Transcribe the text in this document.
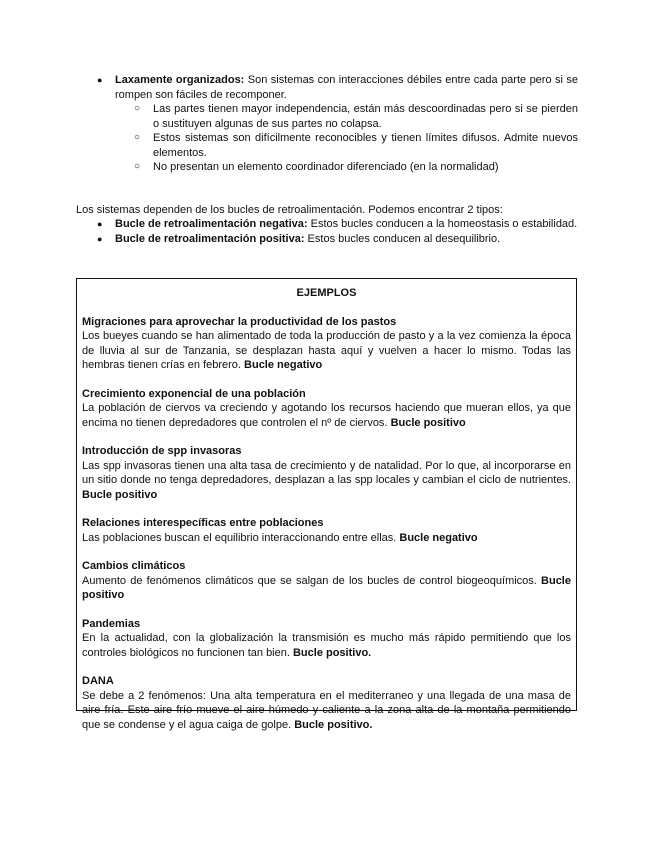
● Laxamente organizados: Son sistemas con interacciones débiles entre cada parte pero si se rompen son fáciles de recomponer.
○ Las partes tienen mayor independencia, están más descoordinadas pero si se pierden o sustituyen algunas de sus partes no colapsa.
○ Estos sistemas son difícilmente reconocibles y tienen límites difusos. Admite nuevos elementos.
○ No presentan un elemento coordinador diferenciado (en la normalidad)
Los sistemas dependen de los bucles de retroalimentación. Podemos encontrar 2 tipos:
● Bucle de retroalimentación negativa: Estos bucles conducen a la homeostasis o estabilidad.
● Bucle de retroalimentación positiva: Estos bucles conducen al desequilibrio.
EJEMPLOS
Migraciones para aprovechar la productividad de los pastos
Los bueyes cuando se han alimentado de toda la producción de pasto y a la vez comienza la época de lluvia al sur de Tanzania, se desplazan hasta aquí y vuelven a hacer lo mismo. Todas las hembras tienen crías en febrero. Bucle negativo
Crecimiento exponencial de una población
La población de ciervos va creciendo y agotando los recursos haciendo que mueran ellos, ya que encima no tienen depredadores que controlen el nº de ciervos. Bucle positivo
Introducción de spp invasoras
Las spp invasoras tienen una alta tasa de crecimiento y de natalidad. Por lo que, al incorporarse en un sitio donde no tenga depredadores, desplazan a las spp locales y cambian el ciclo de nutrientes. Bucle positivo
Relaciones interespecíficas entre poblaciones
Las poblaciones buscan el equilibrio interaccionando entre ellas. Bucle negativo
Cambios climáticos
Aumento de fenómenos climáticos que se salgan de los bucles de control biogeoquímicos. Bucle positivo
Pandemias
En la actualidad, con la globalización la transmisión es mucho más rápido permitiendo que los controles biológicos no funcionen tan bien. Bucle positivo.
DANA
Se debe a 2 fenómenos: Una alta temperatura en el mediterraneo y una llegada de una masa de aire fría. Este aire frío mueve el aire húmedo y caliente a la zona alta de la montaña permitiendo que se condense y el agua caiga de golpe. Bucle positivo.
